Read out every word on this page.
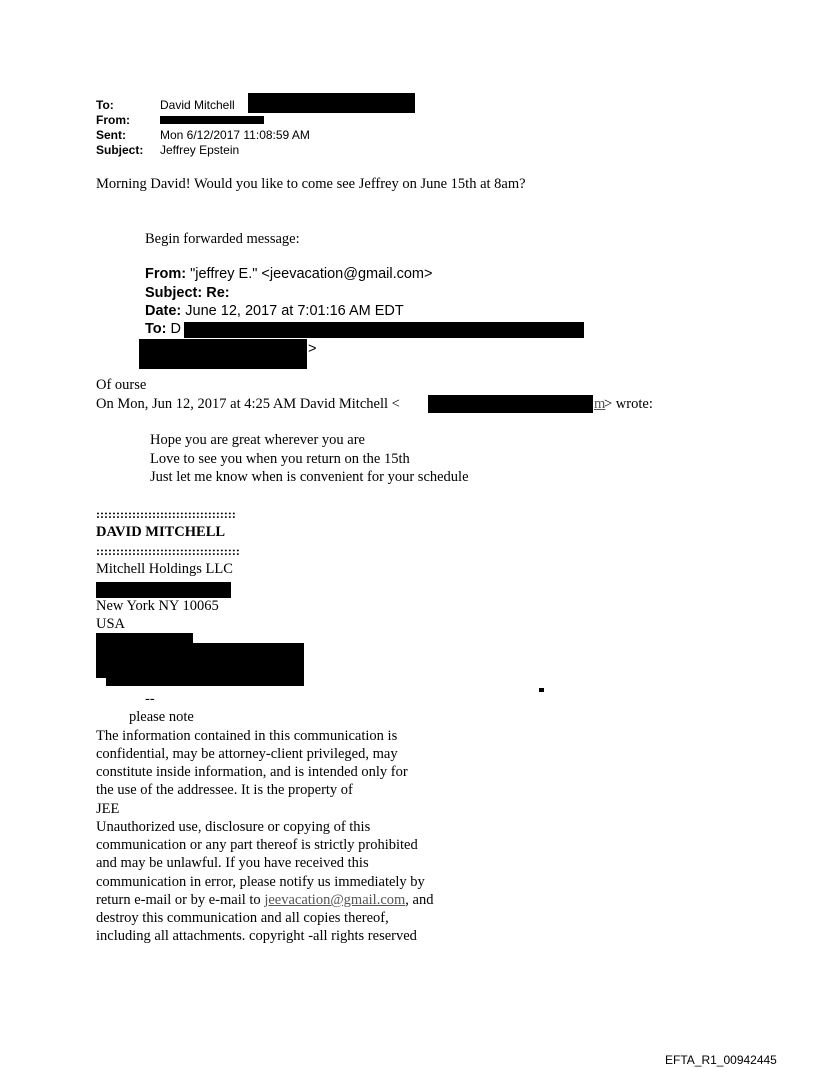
To:	David Mitchell
From:
Sent:	Mon 6/12/2017 11:08:59 AM
Subject: Jeffrey Epstein
Morning David! Would you like to come see Jeffrey on June 15th at 8am?
Begin forwarded message:
From: "jeffrey E." <jeevacation@gmail.com>
Subject: Re:
Date: June 12, 2017 at 7:01:16 AM EDT
To: D
>
Of ourse
On Mon, Jun 12, 2017 at 4:25 AM David Mitchell <	m
> wrote:
Hope you are great wherever you are
Love to see you when you return on the 15th
Just let me know when is convenient for your schedule
:::::::::::::::::::::::::::::::::::
DAVID MITCHELL
::::::::::::::::::::::::::::::::::::
Mitchell Holdings LLC
New York NY 10065
USA
--
please note
The information contained in this communication is
confidential, may be attorney-client privileged, may
constitute inside information, and is intended only for
the use of the addressee. It is the property of
JEE
Unauthorized use, disclosure or copying of this
communication or any part thereof is strictly prohibited
and may be unlawful. If you have received this
communication in error, please notify us immediately by
return e-mail or by e-mail to jeevacation@gmail.com, and
destroy this communication and all copies thereof,
including all attachments. copyright -all rights reserved
EFTA_R1_00942445
